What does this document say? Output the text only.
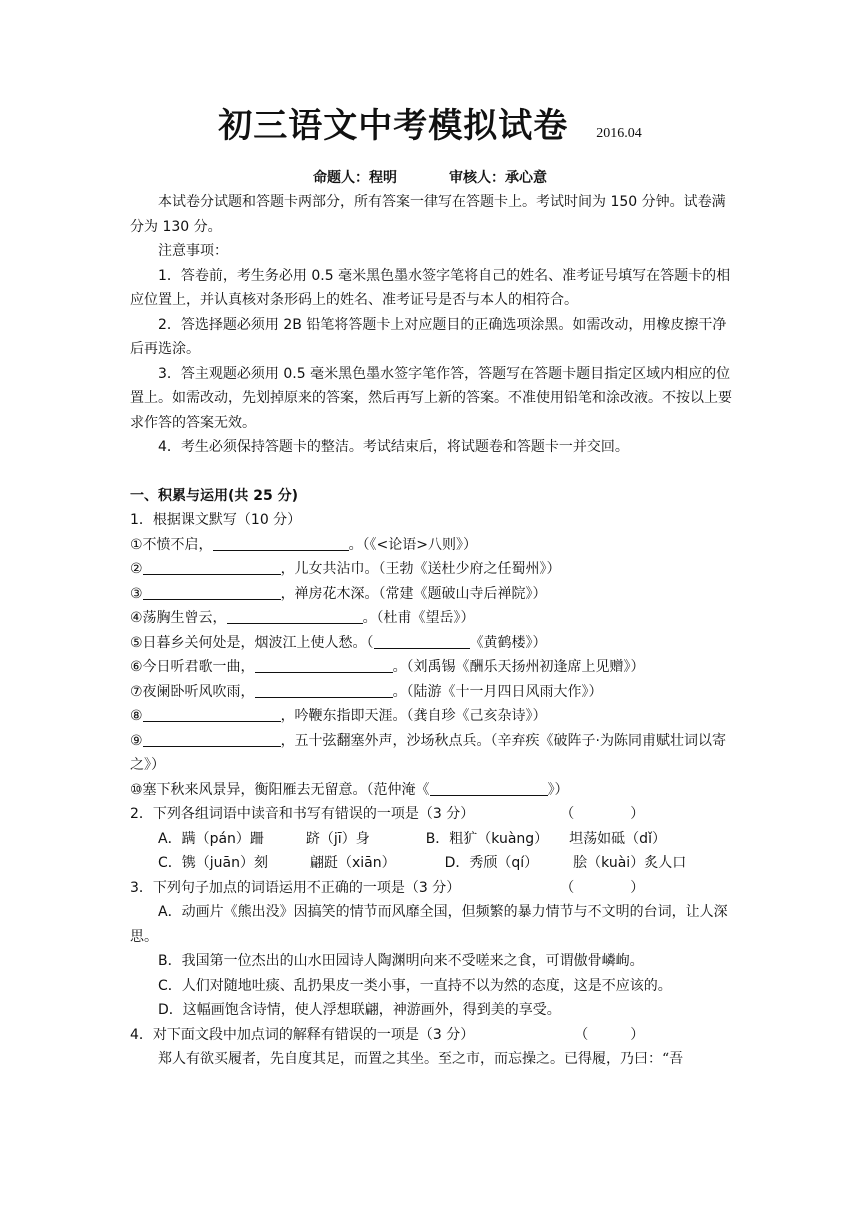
初三语文中考模拟试卷 2016.04
命题人：程明	审核人：承心意

本试卷分试题和答题卡两部分，所有答案一律写在答题卡上。考试时间为 150 分钟。试卷满分为 130 分。

注意事项：

1．答卷前，考生务必用 0.5 毫米黑色墨水签字笔将自己的姓名、准考证号填写在答题卡的相应位置上，并认真核对条形码上的姓名、准考证号是否与本人的相符合。

2．答选择题必须用 2B 铅笔将答题卡上对应题目的正确选项涂黑。如需改动，用橡皮擦干净后再选涂。

3．答主观题必须用 0.5 毫米黑色墨水签字笔作答，答题写在答题卡题目指定区域内相应的位置上。如需改动，先划掉原来的答案，然后再写上新的答案。不准使用铅笔和涂改液。不按以上要求作答的答案无效。

4．考生必须保持答题卡的整洁。考试结束后，将试题卷和答题卡一并交回。

一、积累与运用(共 25 分)

1．根据课文默写（10 分）

①不愤不启，	。（《<论语>八则》）

②	，儿女共沾巾。（王勃《送杜少府之任蜀州》）

③	，禅房花木深。（常建《题破山寺后禅院》）

④荡胸生曾云，	。（杜甫《望岳》）

⑤日暮乡关何处是，烟波江上使人愁。（	《黄鹤楼》）

⑥今日听君歌一曲，	。（刘禹锡《酬乐天扬州初逢席上见赠》）

⑦夜阑卧听风吹雨，	。（陆游《十一月四日风雨大作》）

⑧	，吟鞭东指即天涯。（龚自珍《己亥杂诗》）

⑨	，五十弦翻塞外声，沙场秋点兵。（辛弃疾《破阵子·为陈同甫赋壮词以寄之》）

⑩塞下秋来风景异，衡阳雁去无留意。（范仲淹《	》）

2．下列各组词语中读音和书写有错误的一项是（3 分）	（　　　　）

A．蹒（pán）跚　　　跻（jī）身　　　　B．粗犷（kuàng）　　坦荡如砥（dǐ）

C．镌（juān）刻　　　翩跹（xiān）　　　　D．秀颀（qí）　　　脍（kuài）炙人口

3．下列句子加点的词语运用不正确的一项是（3 分）	（　　　　）

A．动画片《熊出没》因搞笑的情节而风靡全国，但频繁的暴力情节与不文明的台词，让人深思。

B．我国第一位杰出的山水田园诗人陶渊明向来不受嗟来之食，可谓傲骨嶙峋。

C．人们对随地吐痰、乱扔果皮一类小事，一直持不以为然的态度，这是不应该的。

D．这幅画饱含诗情，使人浮想联翩，神游画外，得到美的享受。

4．对下面文段中加点词的解释有错误的一项是（3 分）	（　　　）

郑人有欲买履者，先自度其足，而置之其坐。至之市，而忘操之。已得履，乃曰：“吾
